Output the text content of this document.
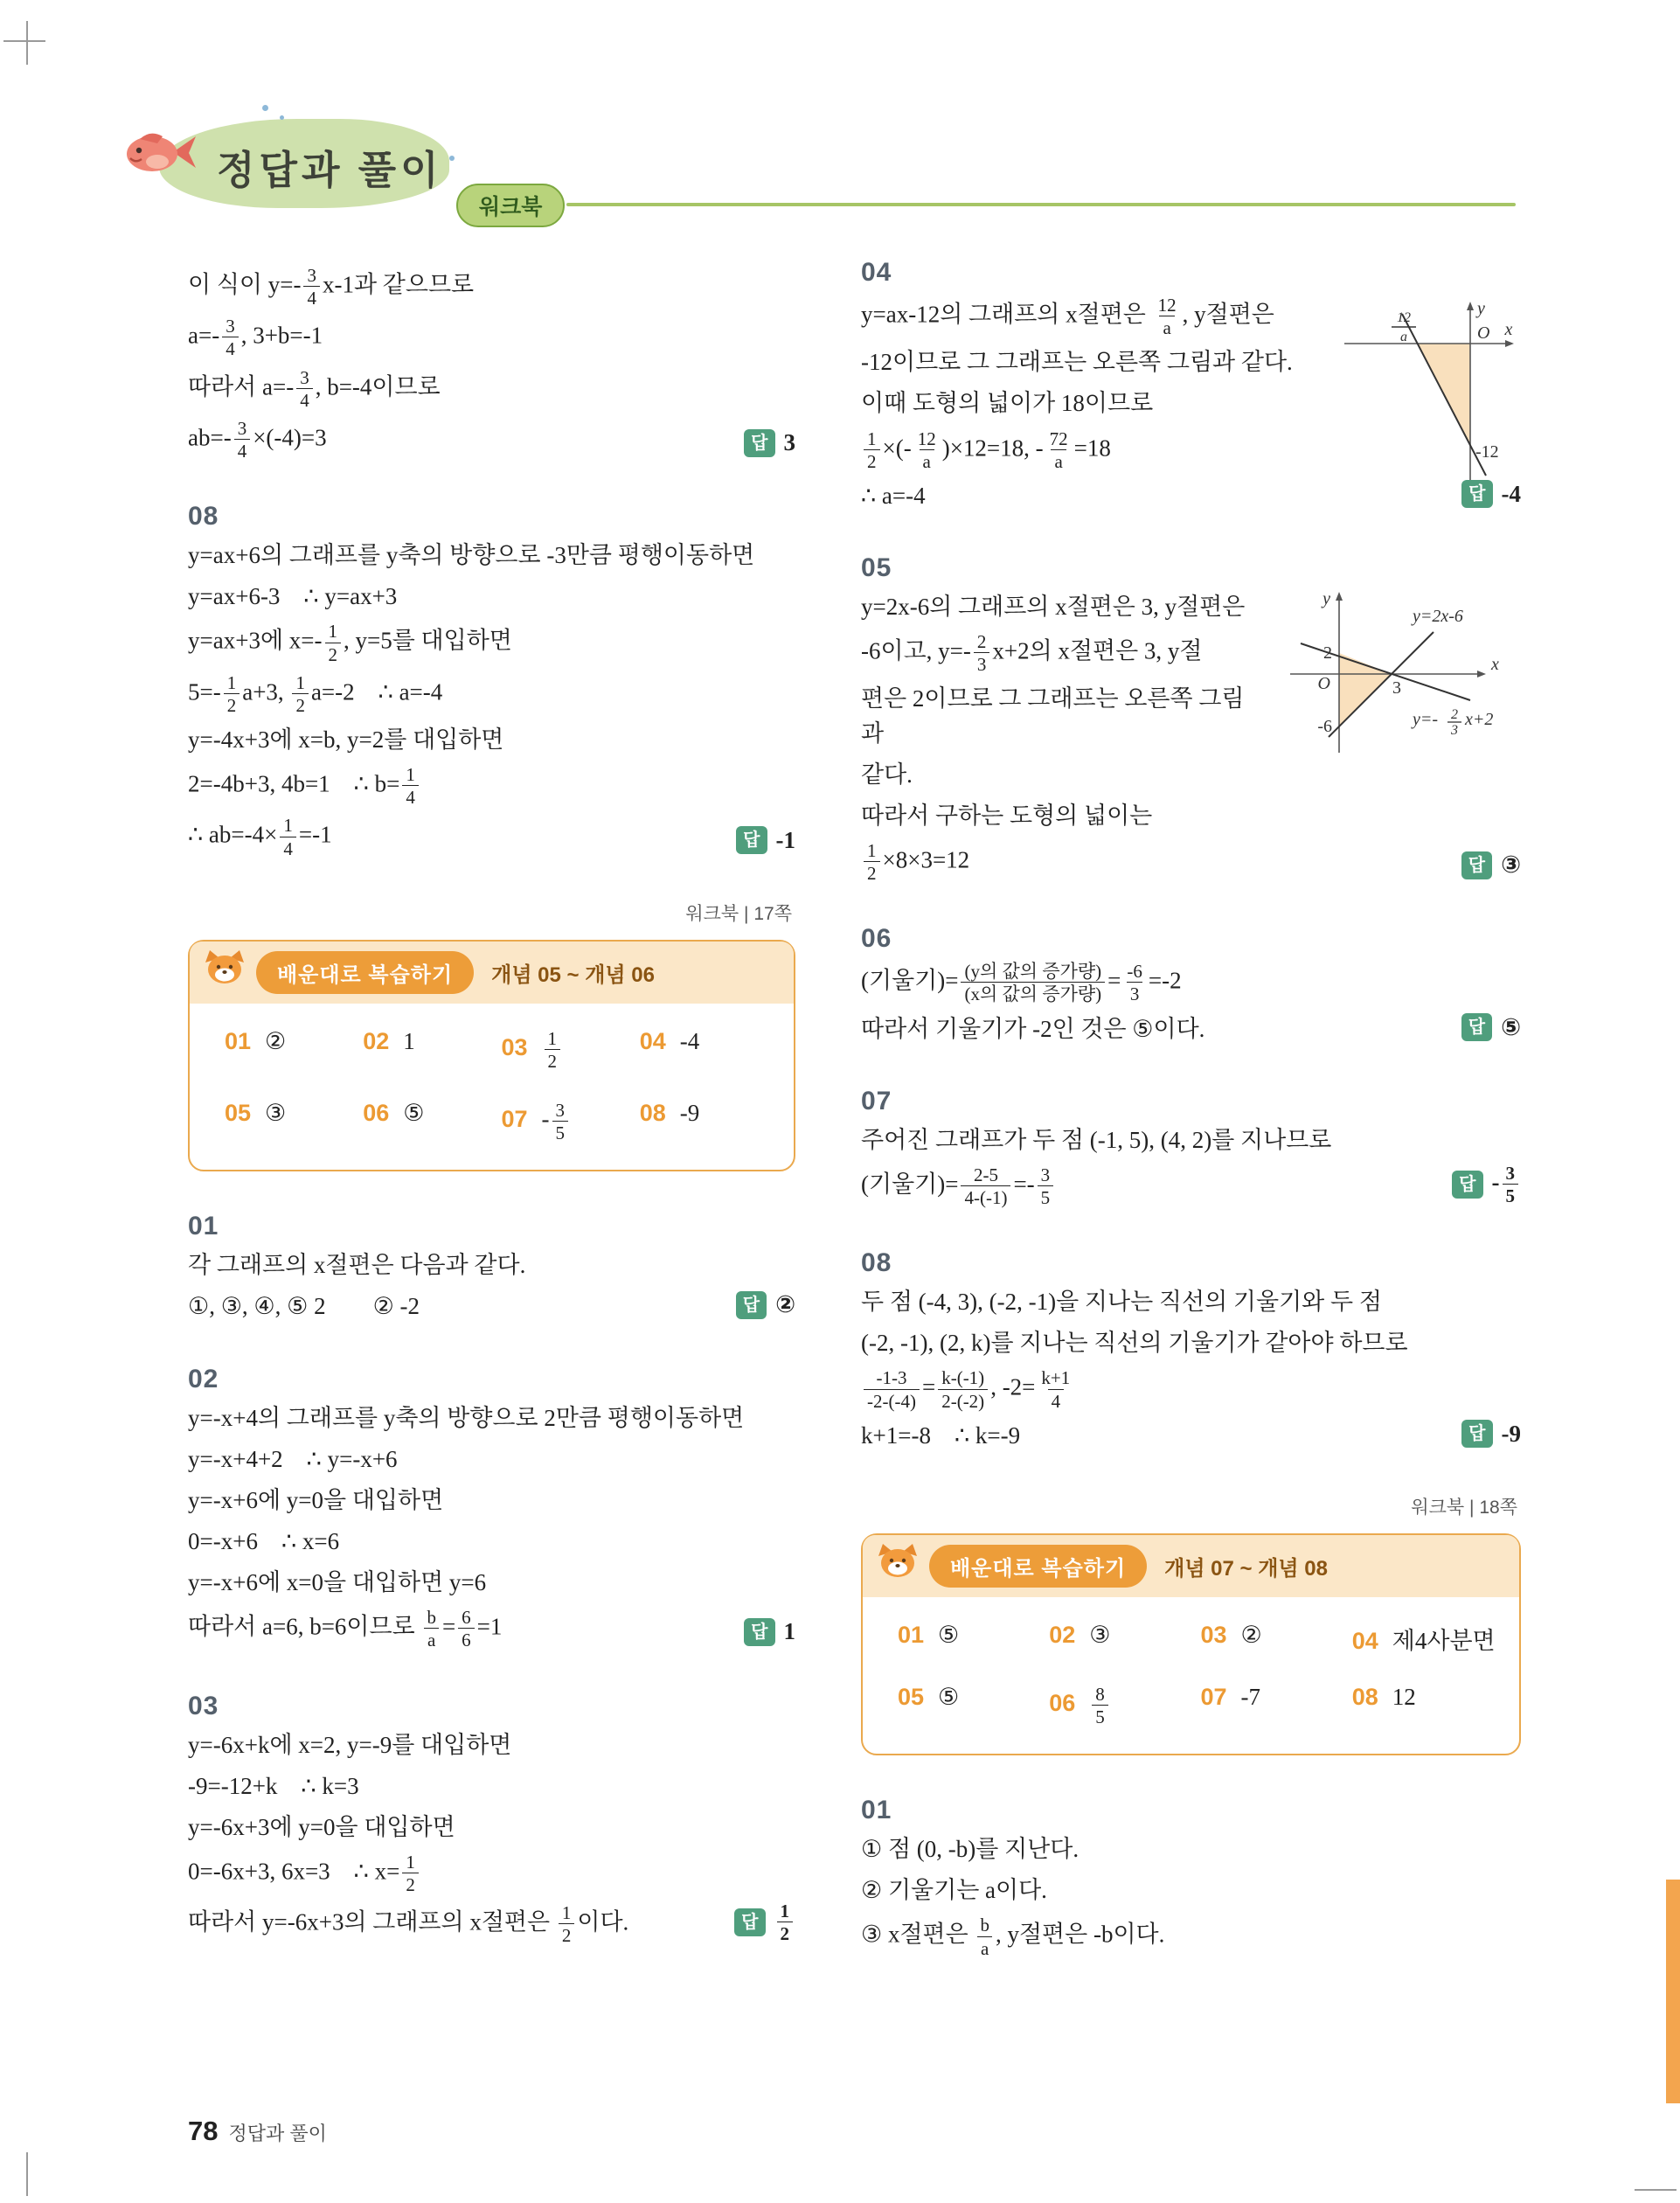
정답과 풀이
워크북
이 식이 $y=- \frac{3}{4} x-1$과 같으므로
$a=- \frac{3}{4}$ , 3+b=-1
따라서 $a=- \frac{3}{4}$ , b=-4이므로
$ab=- \frac{3}{4} \times(-4)=3$	답 3
08
y=ax+6의 그래프를 y축의 방향으로 -3만큼 평행이동하면
y=ax+6-3 ∴ y=ax+3
y=ax+3에 $x=- \frac{1}{2}$ , y=5를 대입하면
$5=- \frac{1}{2} a+3$, $\frac{1}{2} a=-2$ ∴ a=-4
y=-4x+3에 x=b, y=2를 대입하면
2=-4b+3, 4b=1 ∴ $b= \frac{1}{4}$
∴ $ab=-4\times \frac{1}{4} =-1$	답 -1
워크북 | 17쪽
배운대로 복습하기	개념 05 ~ 개념 06
01 ②	02 1	$03 \frac{1}{2}$	04 -4
05 ③	06 ⑤	$07 - \frac{3}{5}$	08 -9
01
각 그래프의 x절편은 다음과 같다.
①, ③, ④, ⑤ 2  ② -2	답 ②
02
y=-x+4의 그래프를 y축의 방향으로 2만큼 평행이동하면
y=-x+4+2 ∴ y=-x+6
y=-x+6에 y=0을 대입하면
0=-x+6 ∴ x=6
y=-x+6에 x=0을 대입하면 y=6
따라서 a=6, b=6이므로 $\frac{b}{a} = \frac{6}{6} =1$	답 1
03
y=-6x+k에 x=2, y=-9를 대입하면
-9=-12+k ∴ k=3
y=-6x+3에 y=0을 대입하면
0=-6x+3, 6x=3 ∴ $x= \frac{1}{2}$
따라서 y=-6x+3의 그래프의 x절편은 $\frac{1}{2}$ 이다.	답	$\frac{1}{2}$
04
y
x
O
-12
12
a
y=ax-12의 그래프의 x절편은 $\frac{12}{a}$ , y절편은
-12이므로 그 그래프는 오른쪽 그림과 같다.
이때 도형의 넓이가 18이므로
$\frac{1}{2}$ ×(- $\frac{12}{a} )\times 12=18$, - $\frac{72}{a} =18$
∴ a=-4	답 -4
05
y
x
O
2
3
-6
y=2x-6
y=- 2
3
x+2
y=2x-6의 그래프의 x절편은 3, y절편은
-6이고, $y=- \frac{2}{3} x+2$의 x절편은 3, y절
편은 2이므로 그 그래프는 오른쪽 그림과
같다.
따라서 구하는 도형의 넓이는
$\frac{1}{2} \times 8\times 3=12$	답 ③
06
(기울기)= $\frac{\text{(y의 값의 증가량)}}{\text{(x의 값의 증가량)}} = \frac{-6}{3} =-2$
따라서 기울기가 -2인 것은 ⑤이다.	답 ⑤
07
주어진 그래프가 두 점 (-1, 5), (4, 2)를 지나므로
(기울기)= $\frac{2-5}{4-(-1)} =- \frac{3}{5}$	답 - $\frac{3}{5}$
08
두 점 (-4, 3), (-2, -1)을 지나는 직선의 기울기와 두 점
(-2, -1), (2, k)를 지나는 직선의 기울기가 같아야 하므로
$\frac{-1-3}{-2-(-4)} = \frac{k-(-1)}{2-(-2)}$ , $-2= \frac{k+1}{4}$
k+1=-8 ∴ k=-9	답 -9
워크북 | 18쪽
배운대로 복습하기	개념 07 ~ 개념 08
01 ⑤	02 ③	03 ②	04 제4사분면
05 ⑤	$06 \frac{8}{5}$	07 -7	08 12
01
① 점 (0, -b)를 지난다.
② 기울기는 a이다.
③ x절편은 $\frac{b}{a}$ , y절편은 -b이다.
78 정답과 풀이
